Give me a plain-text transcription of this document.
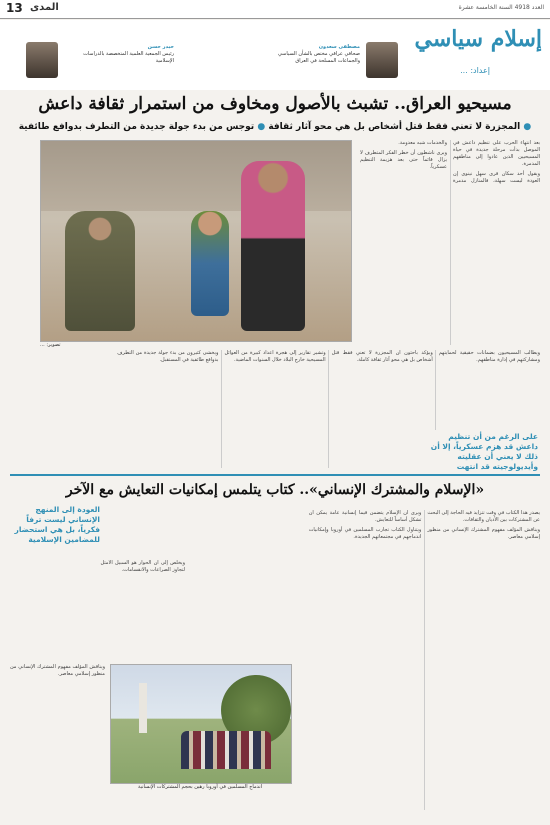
13 المدى	العدد 4918 السنة الخامسة عشرة
إسلام سياسي
إعداد: ...
مصطفى سعدون
صحافي عراقي مختص بالشأن السياسي والجماعات المسلحة في العراق
حيدر حسن
رئيس الجمعية العلمية المتخصصة بالدراسات الإسلامية
مسيحيو العراق.. تشبث بالأصول ومخاوف من استمرار ثقافة داعش
● المجزرة لا تعني فقط قتل أشخاص بل هي محو آثار ثقافة ● توجس من بدء جولة جديدة من التطرف بدوافع طائفية
تصوير: ...

بعد انتهاء الحرب على تنظيم داعش في الموصل بدأت مرحلة جديدة في حياة المسيحيين الذين عادوا إلى مناطقهم المدمرة.

ويقول أحد سكان قرى سهل نينوى إن العودة ليست سهلة، فالمنازل مدمرة والخدمات شبه معدومة.

ويرى ناشطون أن خطر الفكر المتطرف لا يزال قائماً حتى بعد هزيمة التنظيم عسكرياً.

ويطالب المسيحيون بضمانات حقيقية لحمايتهم ومشاركتهم في إدارة مناطقهم.

ويؤكد باحثون أن المجزرة لا تعني فقط قتل أشخاص بل هي محو آثار ثقافة كاملة.

وتشير تقارير إلى هجرة أعداد كبيرة من العوائل المسيحية خارج البلاد خلال السنوات الماضية.

ويخشى كثيرون من بدء جولة جديدة من التطرف بدوافع طائفية في المستقبل.

على الرغم من أن تنظيم داعش قد هزم عسكرياً، إلا أن ذلك لا يعني أن عقليته وأيديولوجيته قد انتهت
«الإسلام والمشترك الإنساني».. كتاب يتلمس إمكانيات التعايش مع الآخر

يصدر هذا الكتاب في وقت تتزايد فيه الحاجة إلى البحث عن المشتركات بين الأديان والثقافات.

ويناقش المؤلف مفهوم المشترك الإنساني من منظور إسلامي معاصر.

ويرى أن الإسلام يتضمن قيماً إنسانية عامة يمكن أن تشكل أساساً للتعايش.

ويتناول الكتاب تجارب المسلمين في أوروبا وإمكانيات اندماجهم في مجتمعاتهم الجديدة.

العودة إلى المنهج الإنساني ليست ترفاً فكرياً، بل هي استحضار للمضامين الإسلامية

ويخلص إلى أن الحوار هو السبيل الأمثل لتجاوز الصراعات والانقسامات.

اندماج المسلمين في أوروبا رهين بحجم المشتركات الإنسانية

ويناقش المؤلف مفهوم المشترك الإنساني من منظور إسلامي معاصر.
